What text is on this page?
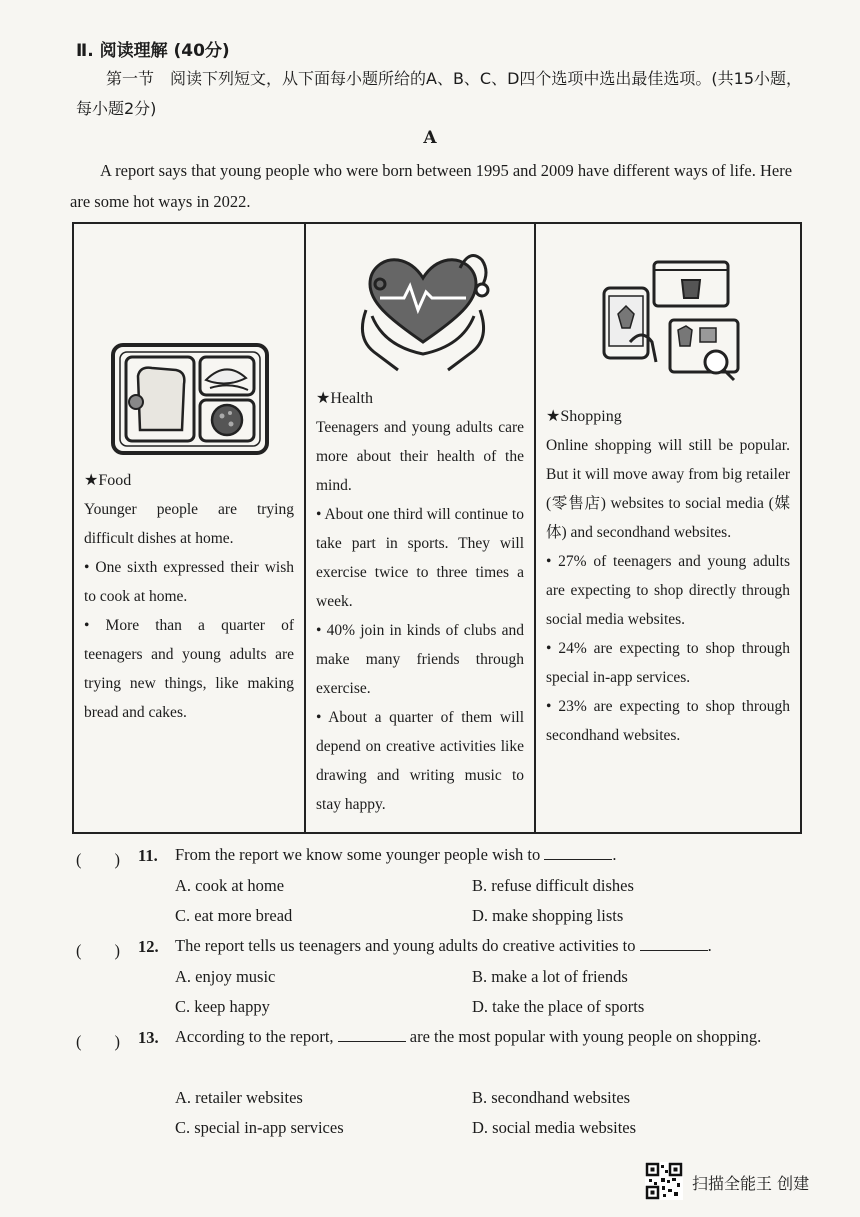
Ⅱ. 阅读理解 (40分)
第一节　阅读下列短文，从下面每小题所给的A、B、C、D四个选项中选出最佳选项。(共15小题，每小题2分)
A
A report says that young people who were born between 1995 and 2009 have different ways of life. Here are some hot ways in 2022.

★Food

Younger people are trying difficult dishes at home.

• One sixth expressed their wish to cook at home.

• More than a quarter of teenagers and young adults are trying new things, like making bread and cakes.

★Health

Teenagers and young adults care more about their health of the mind.

• About one third will continue to take part in sports. They will exercise twice to three times a week.

• 40% join in kinds of clubs and make many friends through exercise.

• About a quarter of them will depend on creative activities like drawing and writing music to stay happy.

★Shopping

Online shopping will still be popular. But it will move away from big retailer (零售店) websites to social media (媒体) and secondhand websites.

• 27% of teenagers and young adults are expecting to shop directly through social media websites.

• 24% are expecting to shop through special in-app services.

• 23% are expecting to shop through secondhand websites.

(　　) 11. From the report we know some younger people wish to	.
A. cook at home	B. refuse difficult dishes
C. eat more bread	D. make shopping lists
(　　) 12. The report tells us teenagers and young adults do creative activities to	.
A. enjoy music	B. make a lot of friends
C. keep happy	D. take the place of sports
(　　) 13. According to the report,	are the most popular with young people on shopping.
A. retailer websites	B. secondhand websites
C. special in-app services	D. social media websites
扫描全能王 创建
